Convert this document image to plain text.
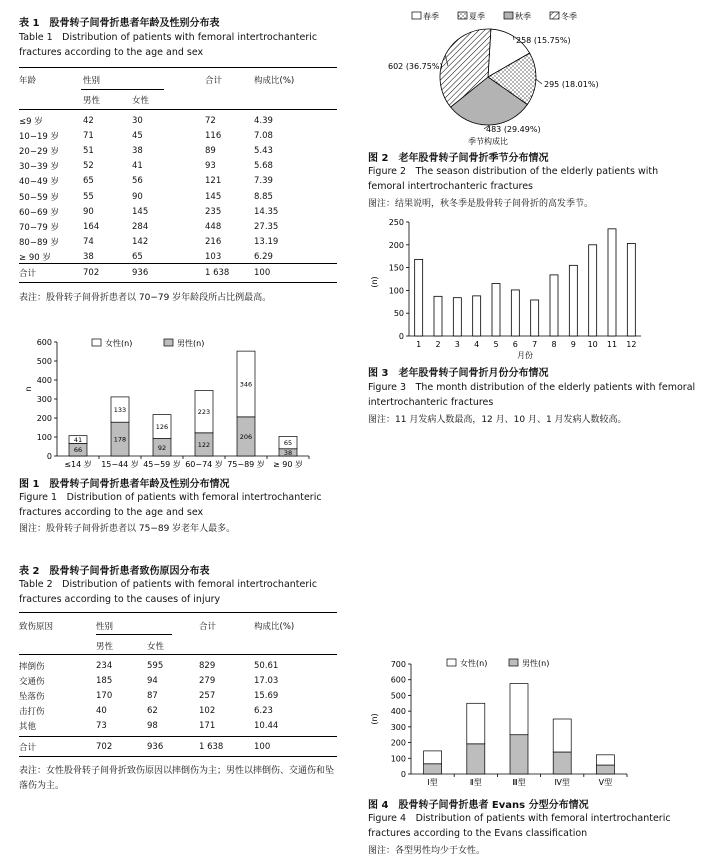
表 1　股骨转子间骨折患者年龄及性别分布表
Table 1　Distribution of patients with femoral intertrochanteric fractures according to the age and sex
年龄	性别	合计	构成比(%)
男性	女性
≤9 岁	42	30	72	4.39
10−19 岁	71	45	116	7.08
20−29 岁	51	38	89	5.43
30−39 岁	52	41	93	5.68
40−49 岁	65	56	121	7.39
50−59 岁	55	90	145	8.85
60−69 岁	90	145	235	14.35
70−79 岁	164	284	448	27.35
80−89 岁	74	142	216	13.19
≥ 90 岁	38	65	103	6.29
合计	702	936	1 638	100
表注：股骨转子间骨折患者以 70−79 岁年龄段所占比例最高。
0
100
200
300
400
500
600
n
女性(n)	男性(n)
66
41
≤14 岁
178
133
15−44 岁
92
126
45−59 岁
122
223
60−74 岁
206
346
75−89 岁
38
65
≥ 90 岁
图 1　股骨转子间骨折患者年龄及性别分布情况
Figure 1　Distribution of patients with femoral intertrochanteric fractures according to the age and sex
图注：股骨转子间骨折患者以 75−89 岁老年人最多。
表 2　股骨转子间骨折患者致伤原因分布表
Table 2　Distribution of patients with femoral intertrochanteric fractures according to the causes of injury
致伤原因	性别	合计	构成比(%)
男性	女性
摔倒伤	234	595	829	50.61
交通伤	185	94	279	17.03
坠落伤	170	87	257	15.69
击打伤	40	62	102	6.23
其他	73	98	171	10.44
合计	702	936	1 638	100
表注：女性股骨转子间骨折致伤原因以摔倒伤为主；男性以摔倒伤、交通伤和坠落伤为主。
春季	夏季	秋季	冬季
258 (15.75%)
295 (18.01%)
483 (29.49%)
602 (36.75%)
季节构成比
图 2　老年股骨转子间骨折季节分布情况
Figure 2　The season distribution of the elderly patients with femoral intertrochanteric fractures
图注：结果说明，秋冬季是股骨转子间骨折的高发季节。
0
50
100
150
200
250
(n)
1 2 3 4 5 6 7 8 9 10 11 12
月份
图 3　老年股骨转子间骨折月份分布情况
Figure 3　The month distribution of the elderly patients with femoral intertrochanteric fractures
图注：11 月发病人数最高，12 月、10 月、1 月发病人数较高。
0
100
200
300
400
500
600
700
(n)
女性(n)	男性(n)
Ⅰ型	Ⅱ型	Ⅲ型	Ⅳ型	Ⅴ型
图 4　股骨转子间骨折患者 Evans 分型分布情况
Figure 4　Distribution of patients with femoral intertrochanteric fractures according to the Evans classification
图注：各型男性均少于女性。
